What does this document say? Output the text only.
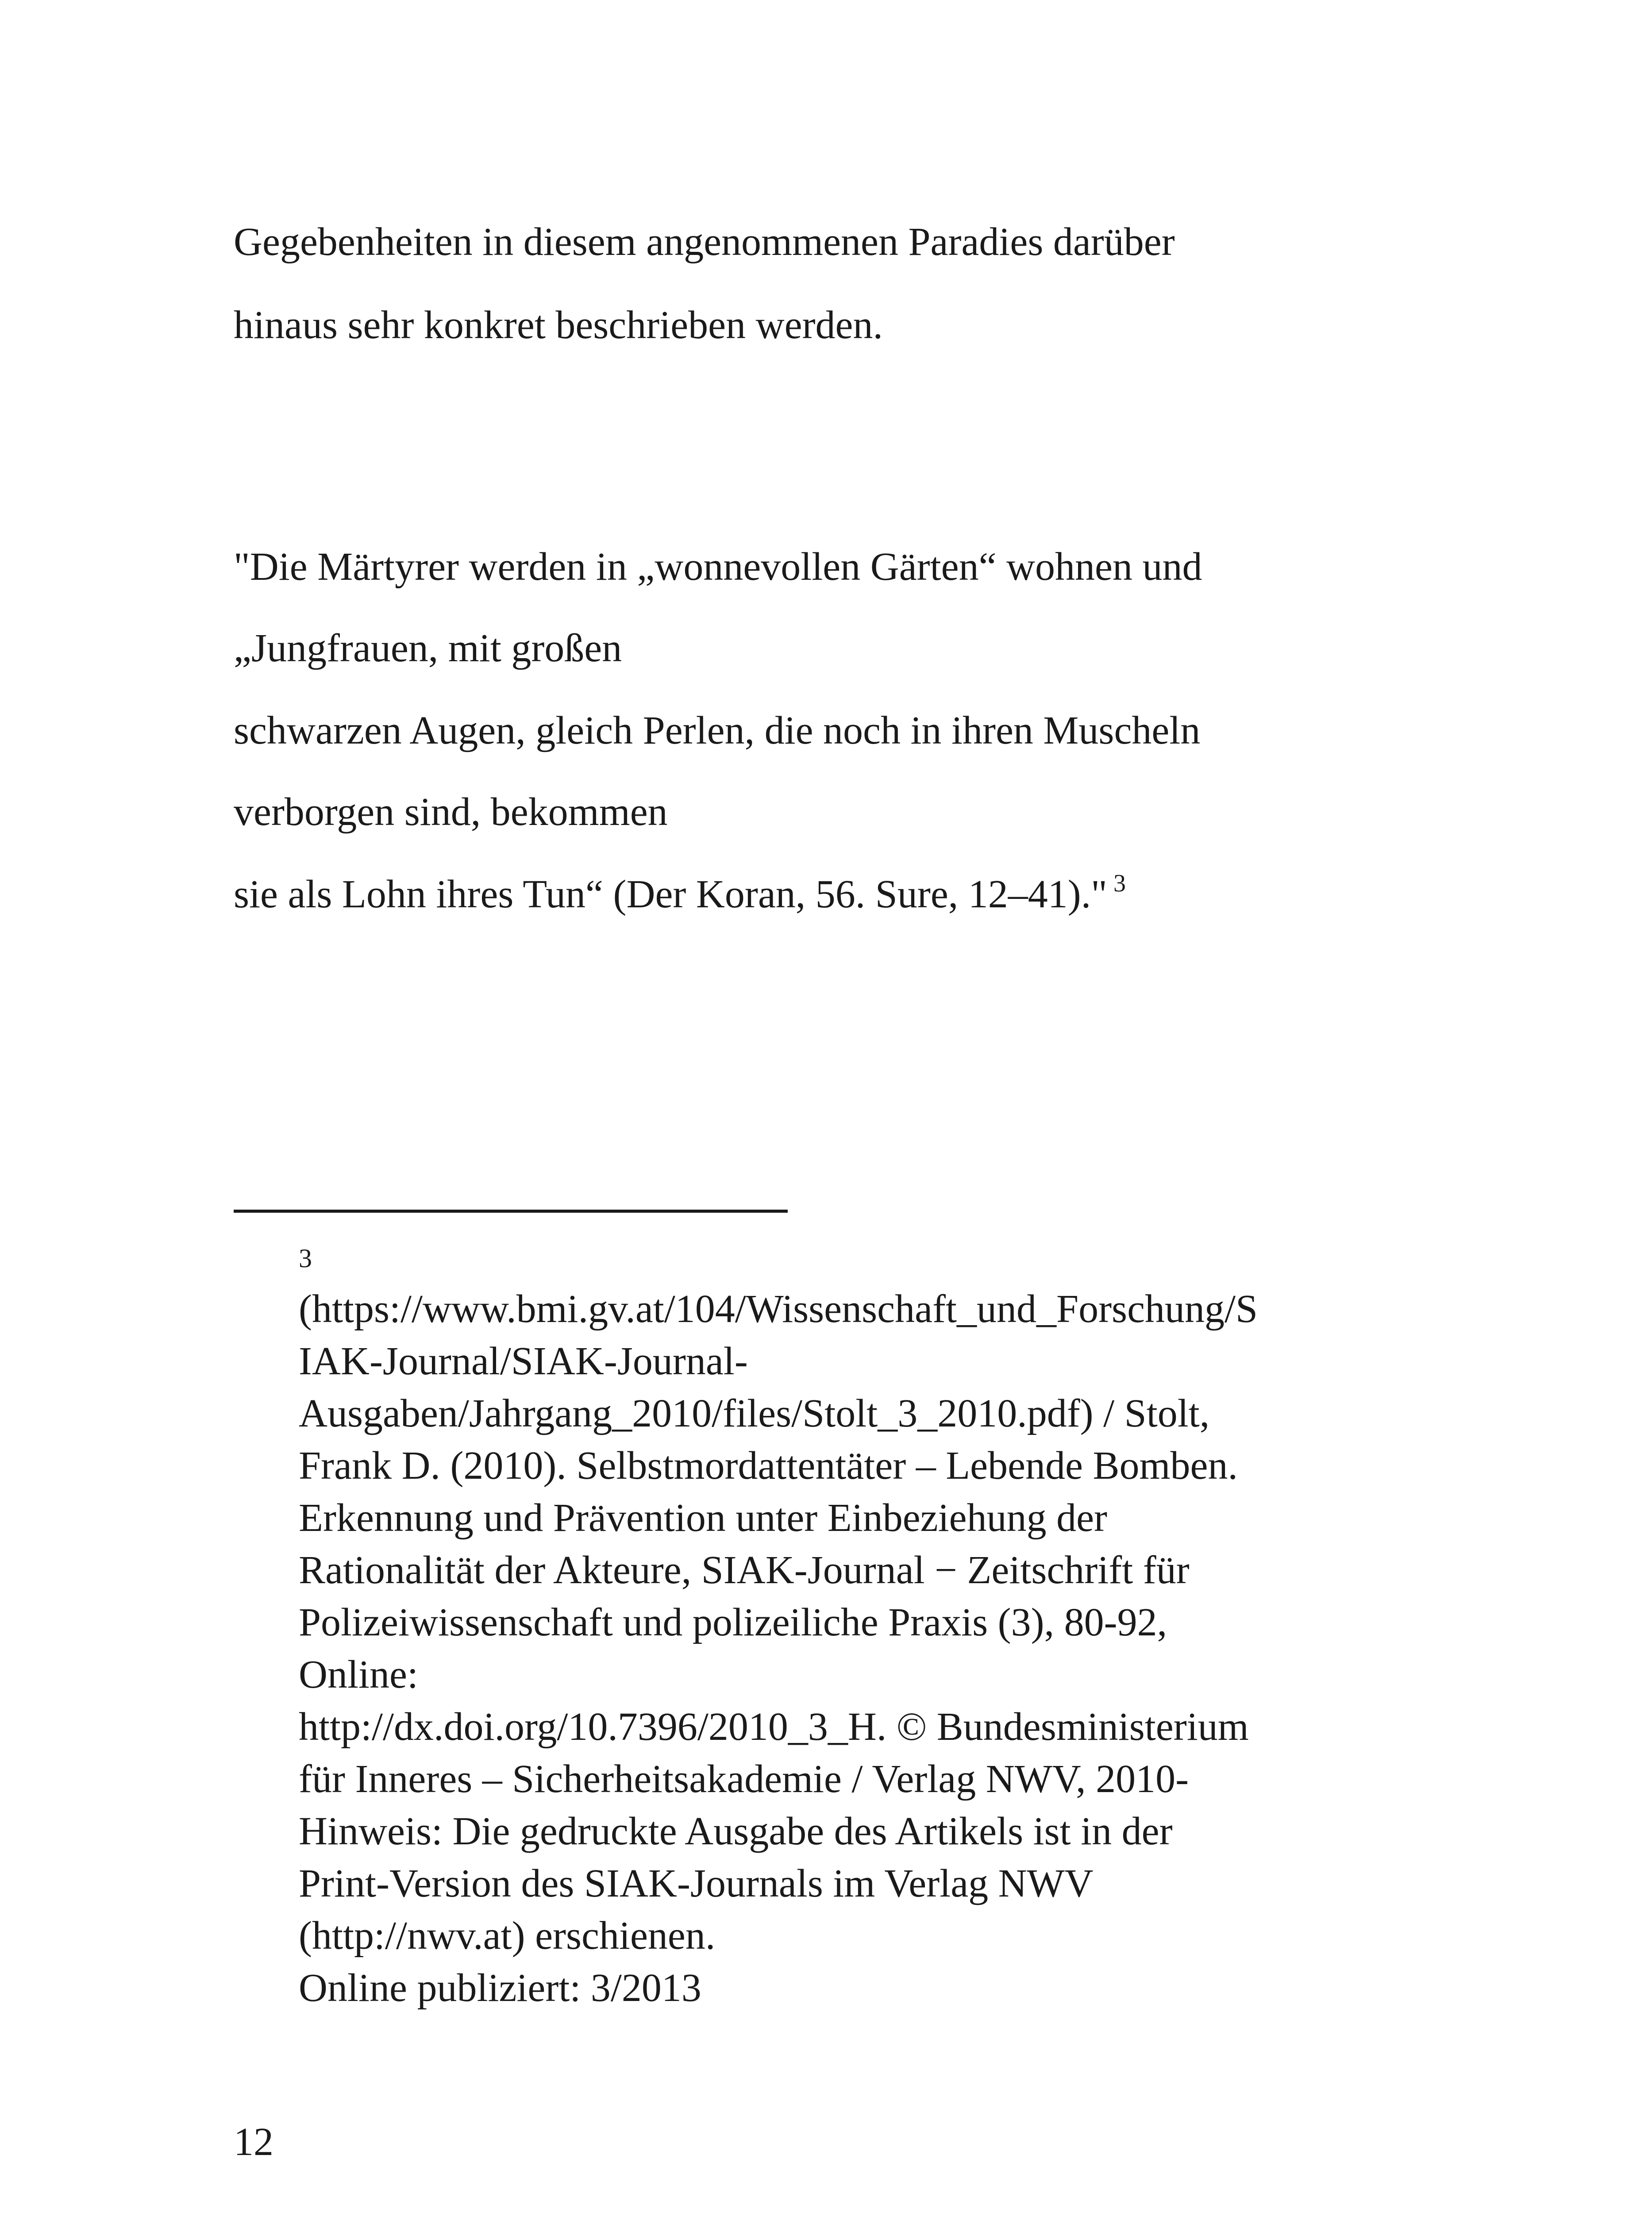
Gegebenheiten in diesem angenommenen Paradies darüber

hinaus sehr konkret beschrieben werden.

"Die Märtyrer werden in „wonnevollen Gärten“ wohnen und

„Jungfrauen, mit großen

schwarzen Augen, gleich Perlen, die noch in ihren Muscheln

verborgen sind, bekommen

sie als Lohn ihres Tun“ (Der Koran, 56. Sure, 12–41)." $^3$

3
(https://www.bmi.gv.at/104/Wissenschaft_und_Forschung/S
IAK-Journal/SIAK-Journal-
Ausgaben/Jahrgang_2010/files/Stolt_3_2010.pdf) / Stolt,
Frank D. (2010). Selbstmordattentäter – Lebende Bomben.
Erkennung und Prävention unter Einbeziehung der
Rationalität der Akteure, SIAK-Journal − Zeitschrift für
Polizeiwissenschaft und polizeiliche Praxis (3), 80-92,
Online:
http://dx.doi.org/10.7396/2010_3_H. © Bundesministerium
für Inneres – Sicherheitsakademie / Verlag NWV, 2010-
Hinweis: Die gedruckte Ausgabe des Artikels ist in der
Print-Version des SIAK-Journals im Verlag NWV
(http://nwv.at) erschienen.
Online publiziert: 3/2013
12
